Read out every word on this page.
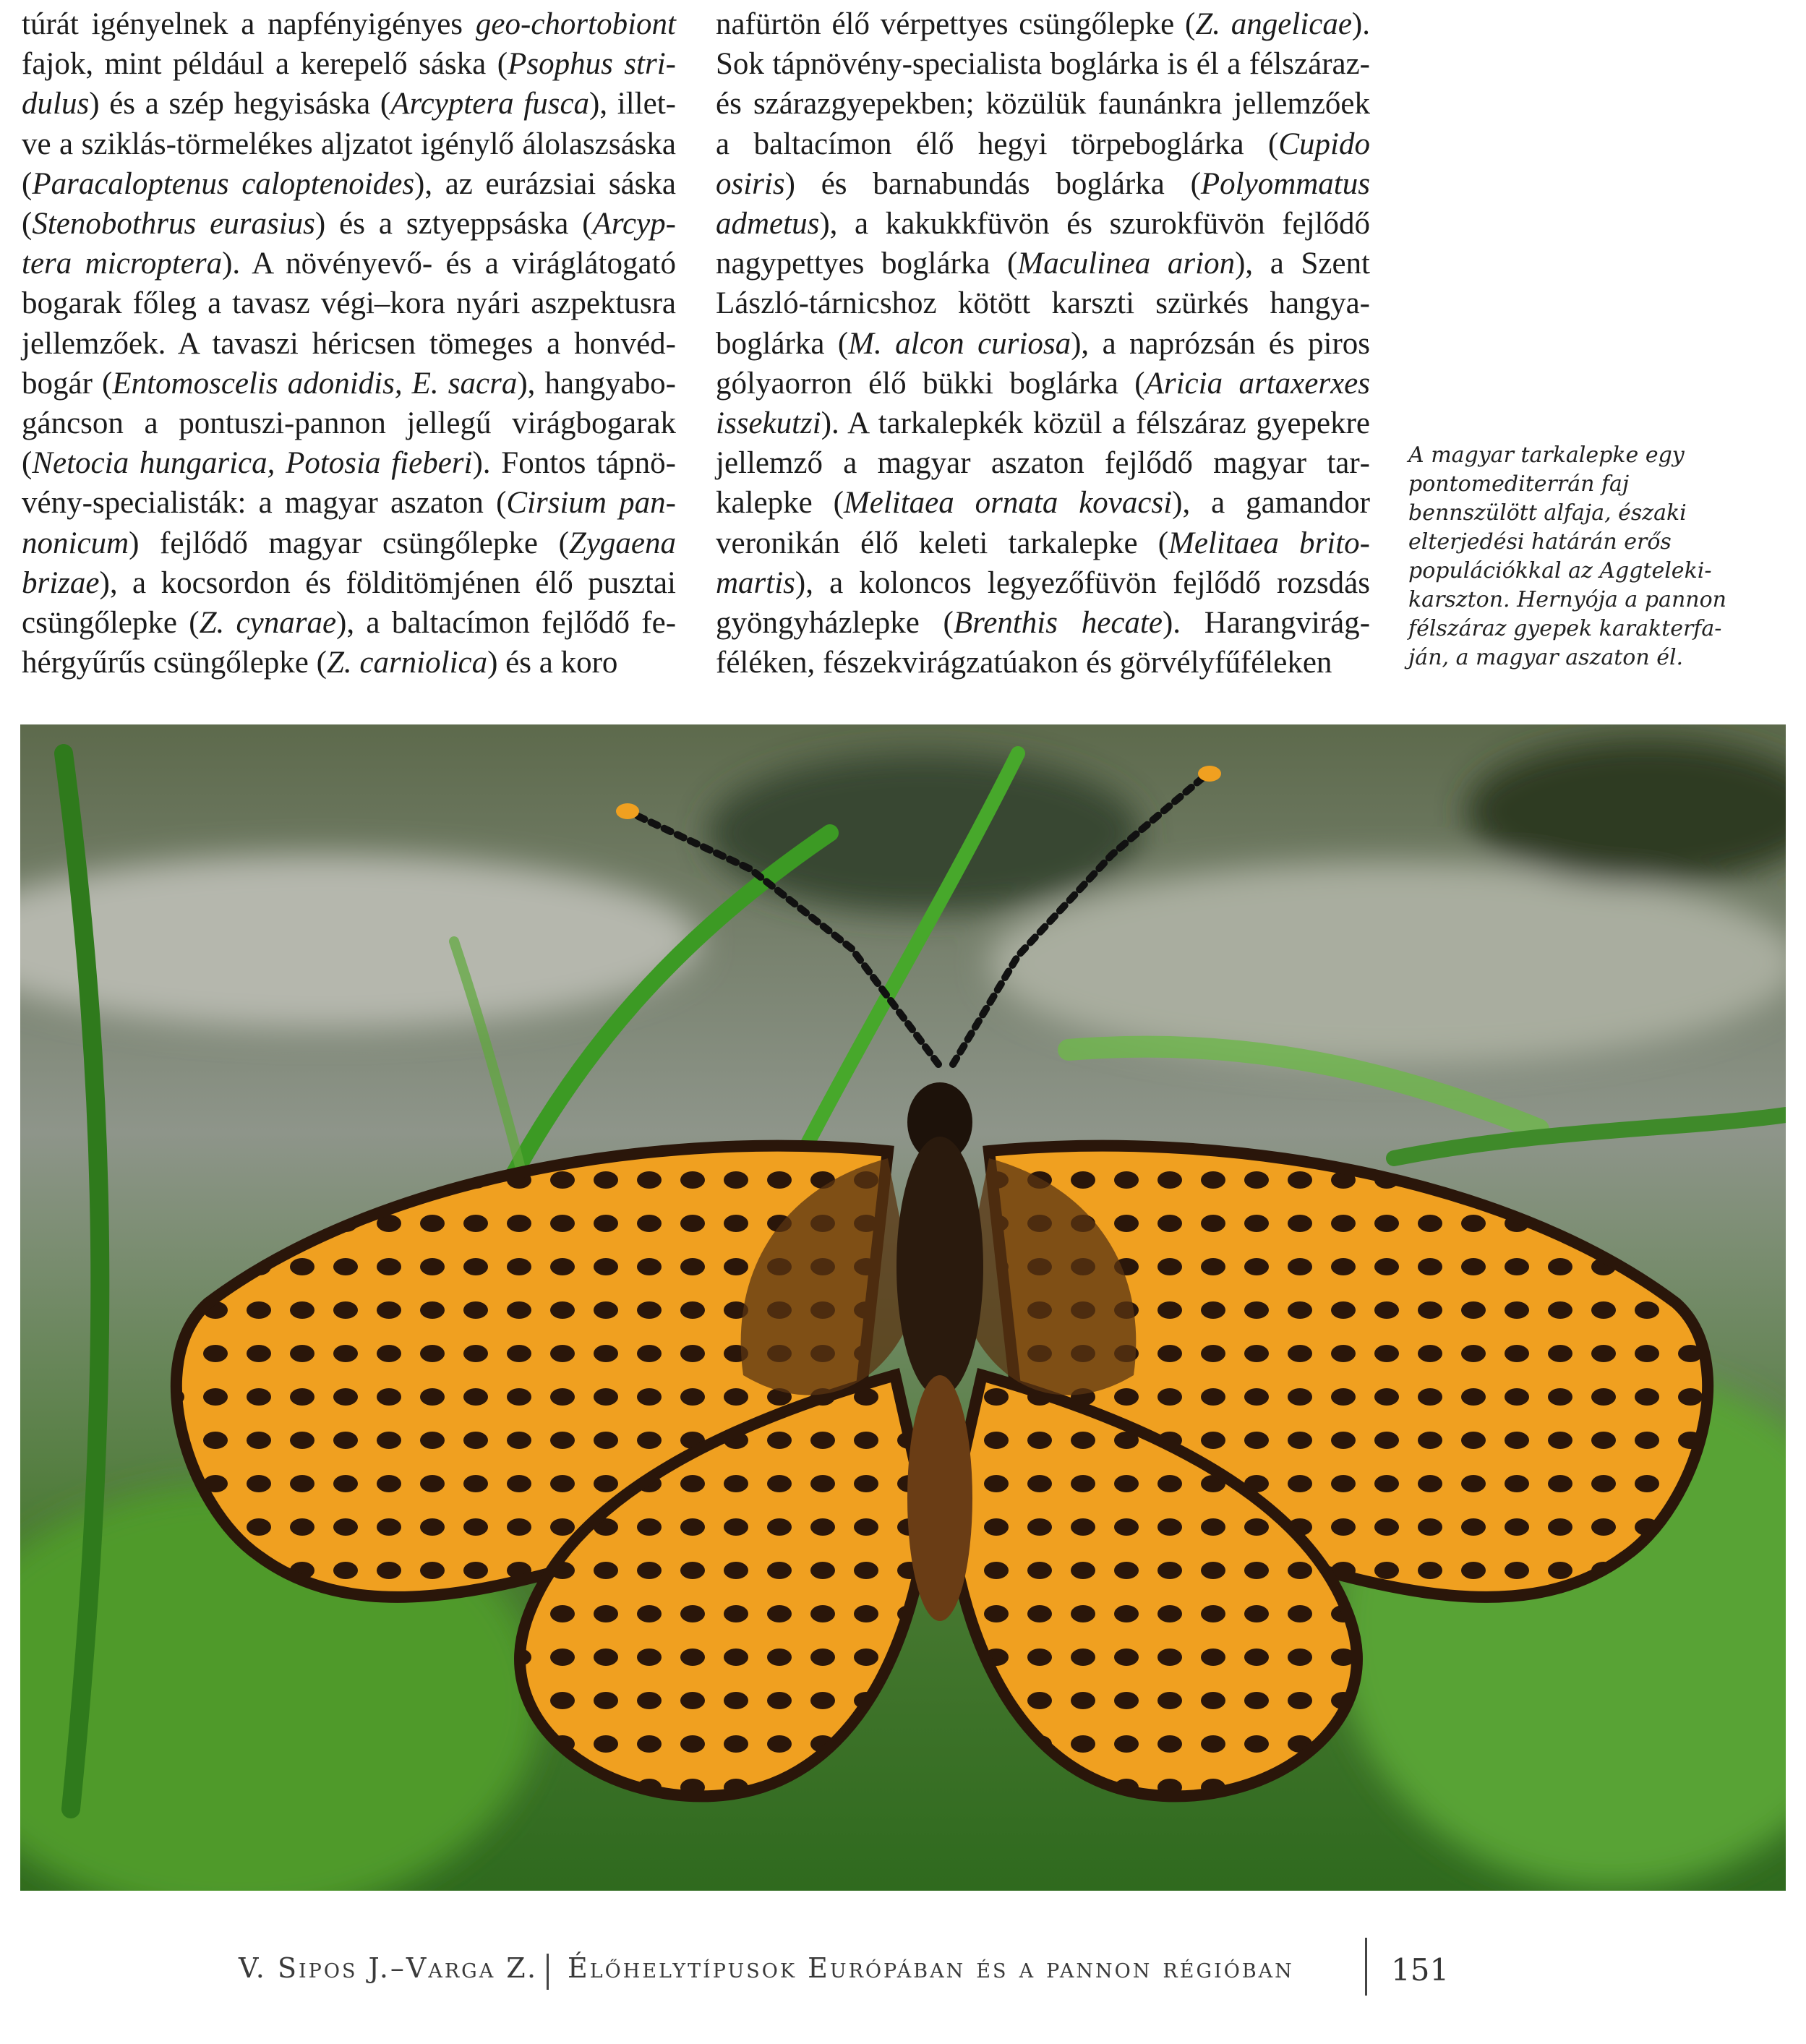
túrát igényelnek a napfényigényes geo-chortobiont fajok, mint például a kerepelő sáska (Psophus stridulus) és a szép hegyisáska (Arcyptera fusca), illetve a sziklás-törmelékes aljzatot igénylő álolaszsáska (Paracaloptenus caloptenoides), az eurázsiai sáska (Stenobothrus eurasius) és a sztyeppsáska (Arcyptera microptera). A növényevő- és a viráglátogató bogarak főleg a tavasz végi–kora nyári aszpektusra jellemzőek. A tavaszi héricsen tömeges a honvédbogár (Entomoscelis adonidis, E. sacra), hangyabogáncson a pontuszi-pannon jellegű virágbogarak (Netocia hungarica, Potosia fieberi). Fontos tápnövény-specialisták: a magyar aszaton (Cirsium pannonicum) fejlődő magyar csüngőlepke (Zygaena brizae), a kocsordon és földitömjénen élő pusztai csüngőlepke (Z. cynarae), a baltacímon fejlődő fehérgyűrűs csüngőlepke (Z. carniolica) és a koro
nafürtön élő vérpettyes csüngőlepke (Z. angelicae). Sok tápnövény-specialista boglárka is él a félszáraz- és szárazgyepekben; közülük faunánkra jellemzőek a baltacímon élő hegyi törpeboglárka (Cupido osiris) és barnabundás boglárka (Polyommatus admetus), a kakukkfüvön és szurokfüvön fejlődő nagypettyes boglárka (Maculinea arion), a Szent László-tárnicshoz kötött karszti szürkés hangyaboglárka (M. alcon curiosa), a naprózsán és piros gólyaorron élő bükki boglárka (Aricia artaxerxes issekutzi). A tarkalepkék közül a félszáraz gyepekre jellemző a magyar aszaton fejlődő magyar tarkalepke (Melitaea ornata kovacsi), a gamandor veronikán élő keleti tarkalepke (Melitaea britomartis), a koloncos legyezőfüvön fejlődő rozsdás gyöngyházlepke (Brenthis hecate). Harangvirágféléken, fészekvirágzatúakon és görvélyfűféleken

A magyar tarkalepke egy pontomediterrán faj bennszülött alfaja, északi elterjedési határán erős populációkkal az Aggteleki-karszton. Hernyója a pannon félszáraz gyepek karakterfaján, a magyar aszaton él.

V. Sipos J.–Varga Z. Élőhelytípusok Európában és a pannon régióban	151
